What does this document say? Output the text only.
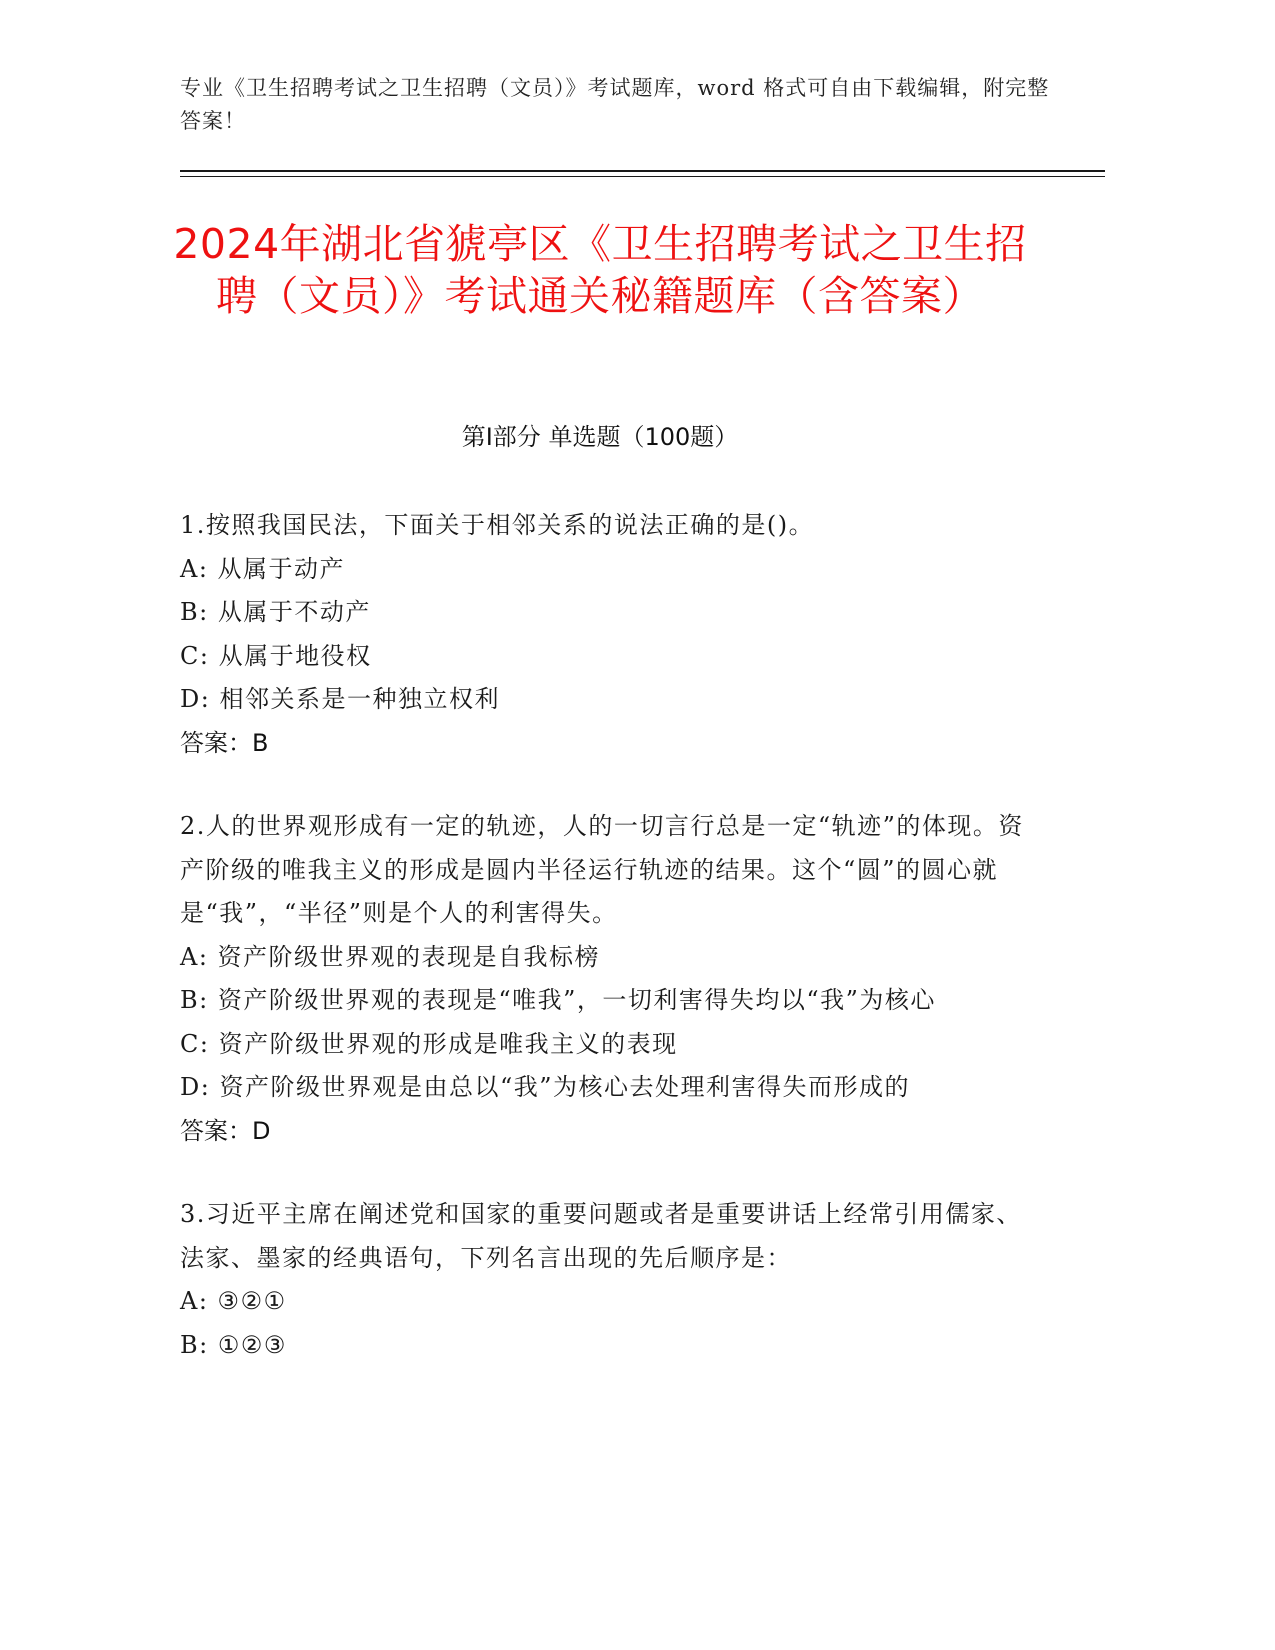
专业《卫生招聘考试之卫生招聘（文员）》考试题库，word 格式可自由下载编辑，附完整答案！
2024年湖北省猇亭区《卫生招聘考试之卫生招聘（文员）》考试通关秘籍题库（含答案）
第Ⅰ部分 单选题（100题）
1.按照我国民法，下面关于相邻关系的说法正确的是()。
A: 从属于动产
B: 从属于不动产
C: 从属于地役权
D: 相邻关系是一种独立权利
答案：B
2.人的世界观形成有一定的轨迹，人的一切言行总是一定“轨迹”的体现。资产阶级的唯我主义的形成是圆内半径运行轨迹的结果。这个“圆”的圆心就是“我”，“半径”则是个人的利害得失。
A: 资产阶级世界观的表现是自我标榜
B: 资产阶级世界观的表现是“唯我”，一切利害得失均以“我”为核心
C: 资产阶级世界观的形成是唯我主义的表现
D: 资产阶级世界观是由总以“我”为核心去处理利害得失而形成的
答案：D
3.习近平主席在阐述党和国家的重要问题或者是重要讲话上经常引用儒家、法家、墨家的经典语句，下列名言出现的先后顺序是：
A: ③②①
B: ①②③
